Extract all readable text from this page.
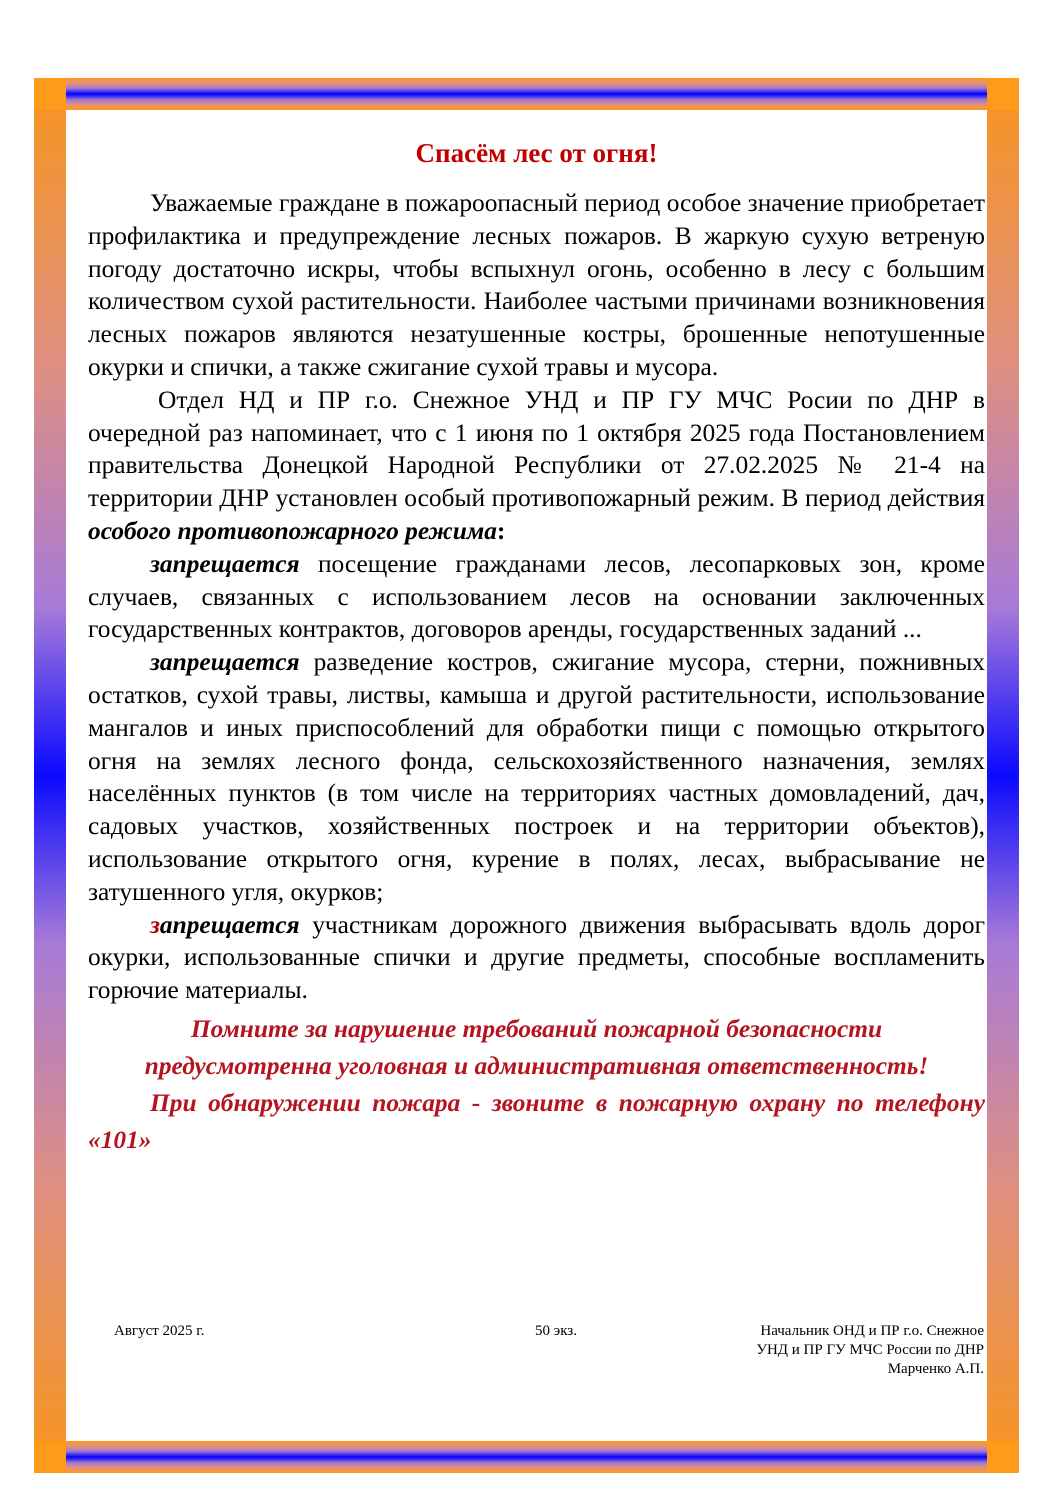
Спасём лес от огня!

Уважаемые граждане в пожароопасный период особое значение приобретает профилактика и предупреждение лесных пожаров. В жаркую сухую ветреную погоду достаточно искры, чтобы вспыхнул огонь, особенно в лесу с большим количеством сухой растительности. Наиболее частыми причинами возникновения лесных пожаров являются незатушенные костры, брошенные непотушенные окурки и спички, а также сжигание сухой травы и мусора.

Отдел НД и ПР г.о. Снежное УНД и ПР ГУ МЧС Росии по ДНР в очередной раз напоминает, что с 1 июня по 1 октября 2025 года Постановлением правительства Донецкой Народной Республики от 27.02.2025 № 21-4 на территории ДНР установлен особый противопожарный режим. В период действия особого противопожарного режима:

запрещается посещение гражданами лесов, лесопарковых зон, кроме случаев, связанных с использованием лесов на основании заключенных государственных контрактов, договоров аренды, государственных заданий ...

запрещается разведение костров, сжигание мусора, стерни, пожнивных остатков, сухой травы, листвы, камыша и другой растительности, использование мангалов и иных приспособлений для обработки пищи с помощью открытого огня на землях лесного фонда, сельскохозяйственного назначения, землях населённых пунктов (в том числе на территориях частных домовладений, дач, садовых участков, хозяйственных построек и на территории объектов), использование открытого огня, курение в полях, лесах, выбрасывание не затушенного угля, окурков;

запрещается участникам дорожного движения выбрасывать вдоль дорог окурки, использованные спички и другие предметы, способные воспламенить горючие материалы.

Помните за нарушение требований пожарной безопасности
предусмотренна уголовная и административная ответственность!
При обнаружении пожара - звоните в пожарную охрану по телефону «101»
Август 2025 г.	50 экз.	Начальник ОНД и ПР г.о. Снежное
УНД и ПР ГУ МЧС России по ДНР
Марченко А.П.
